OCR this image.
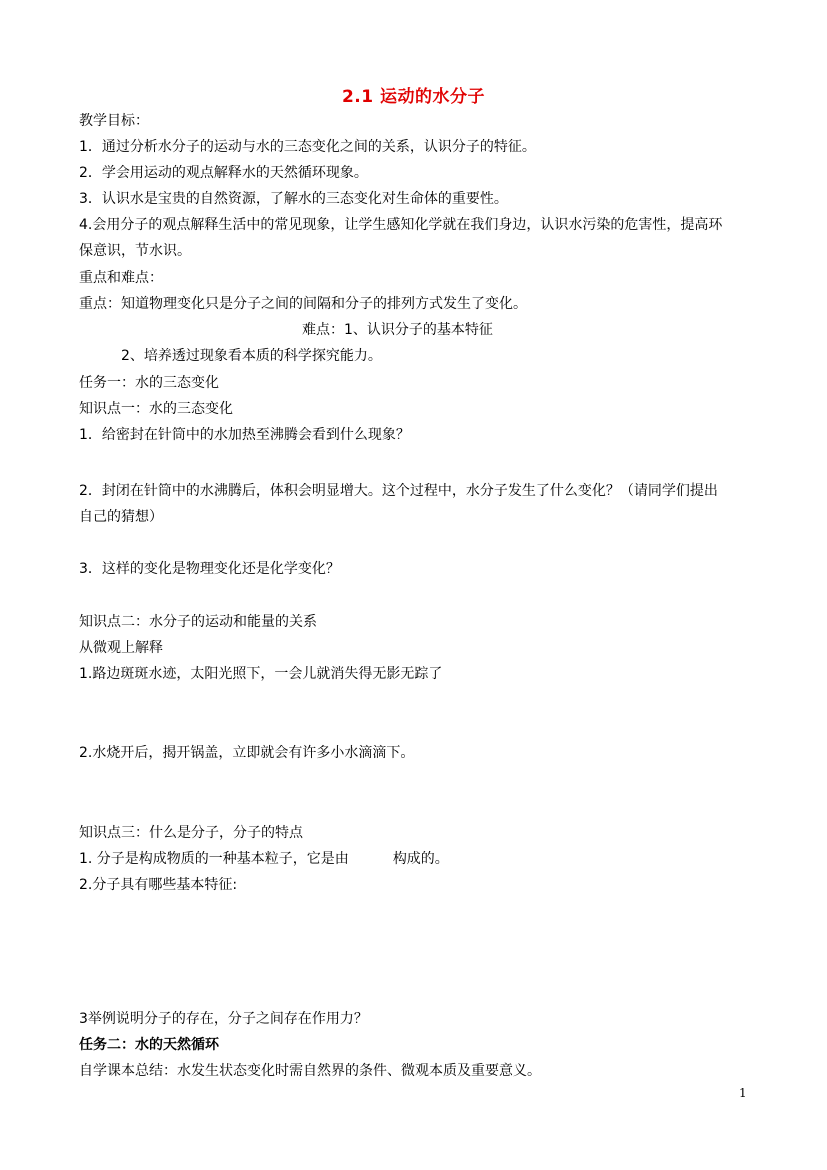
2.1 运动的水分子
教学目标：
1．通过分析水分子的运动与水的三态变化之间的关系，认识分子的特征。
2．学会用运动的观点解释水的天然循环现象。
3．认识水是宝贵的自然资源，了解水的三态变化对生命体的重要性。
4.会用分子的观点解释生活中的常见现象，让学生感知化学就在我们身边，认识水污染的危害性，提高环
保意识，节水识。
重点和难点：
重点：知道物理变化只是分子之间的间隔和分子的排列方式发生了变化。
难点：1、认识分子的基本特征
2、培养透过现象看本质的科学探究能力。
任务一：水的三态变化
知识点一：水的三态变化
1．给密封在针筒中的水加热至沸腾会看到什么现象？
2．封闭在针筒中的水沸腾后，体积会明显增大。这个过程中，水分子发生了什么变化？（请同学们提出
自己的猜想）
3．这样的变化是物理变化还是化学变化？
知识点二：水分子的运动和能量的关系
从微观上解释
1.路边斑斑水迹，太阳光照下，一会儿就消失得无影无踪了
2.水烧开后，揭开锅盖，立即就会有许多小水滴滴下。
知识点三：什么是分子，分子的特点
1. 分子是构成物质的一种基本粒子，它是由	构成的。
2.分子具有哪些基本特征:
3举例说明分子的存在，分子之间存在作用力？
任务二：水的天然循环
自学课本总结：水发生状态变化时需自然界的条件、微观本质及重要意义。
1
